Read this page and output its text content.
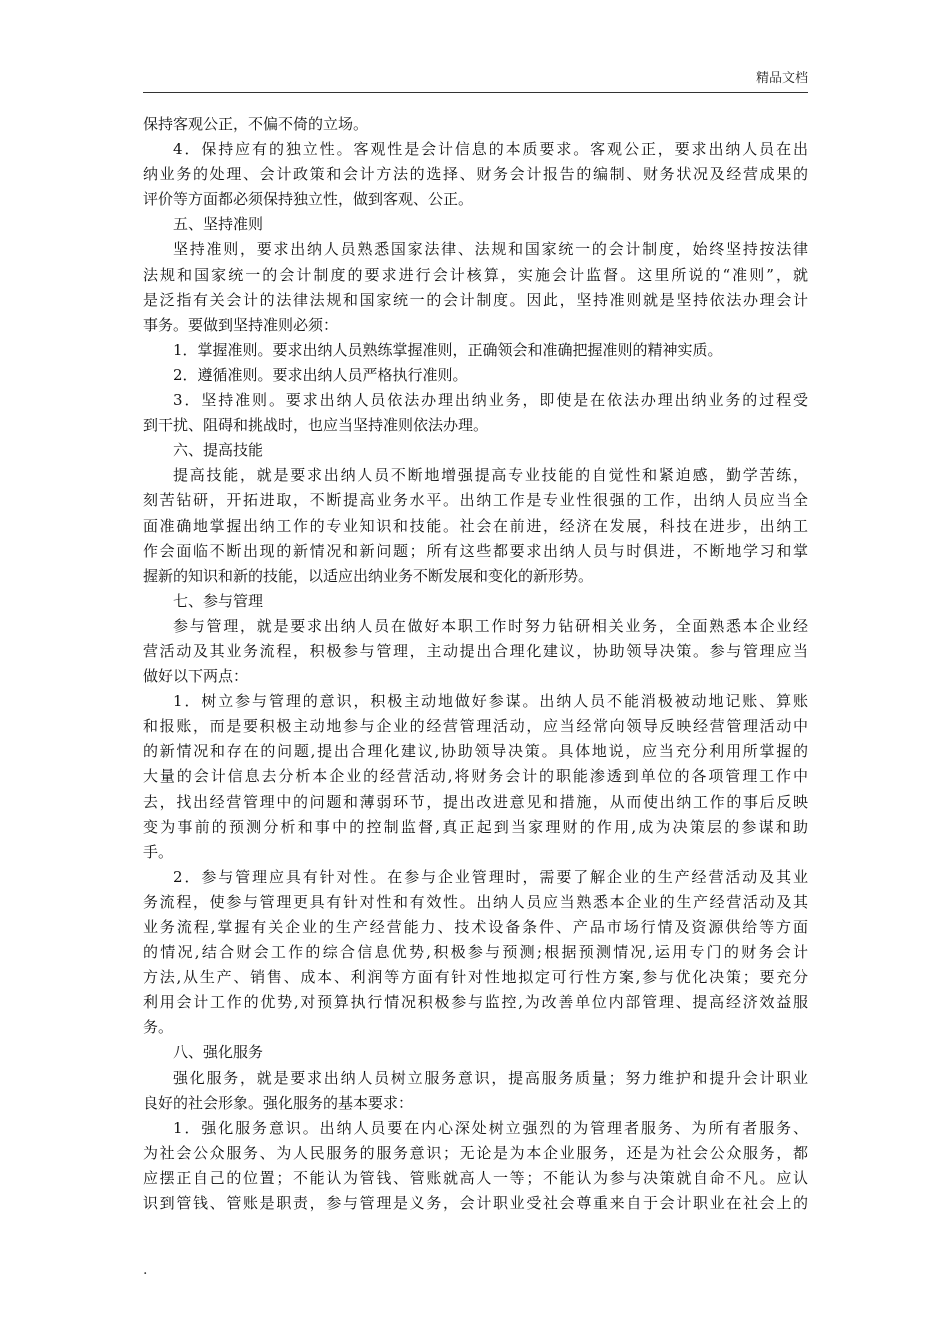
精品文档
保持客观公正，不偏不倚的立场。
4．保持应有的独立性。客观性是会计信息的本质要求。客观公正，要求出纳人员在出
纳业务的处理、会计政策和会计方法的选择、财务会计报告的编制、财务状况及经营成果的
评价等方面都必须保持独立性，做到客观、公正。
五、坚持准则
坚持准则，要求出纳人员熟悉国家法律、法规和国家统一的会计制度，始终坚持按法律
法规和国家统一的会计制度的要求进行会计核算，实施会计监督。这里所说的“准则”，就
是泛指有关会计的法律法规和国家统一的会计制度。因此，坚持准则就是坚持依法办理会计
事务。要做到坚持准则必须：
1．掌握准则。要求出纳人员熟练掌握准则，正确领会和准确把握准则的精神实质。
2．遵循准则。要求出纳人员严格执行准则。
3．坚持准则。要求出纳人员依法办理出纳业务，即使是在依法办理出纳业务的过程受
到干扰、阻碍和挑战时，也应当坚持准则依法办理。
六、提高技能
提高技能，就是要求出纳人员不断地增强提高专业技能的自觉性和紧迫感，勤学苦练，
刻苦钻研，开拓进取，不断提高业务水平。出纳工作是专业性很强的工作，出纳人员应当全
面准确地掌握出纳工作的专业知识和技能。社会在前进，经济在发展，科技在进步，出纳工
作会面临不断出现的新情况和新问题；所有这些都要求出纳人员与时俱进，不断地学习和掌
握新的知识和新的技能，以适应出纳业务不断发展和变化的新形势。
七、参与管理
参与管理，就是要求出纳人员在做好本职工作时努力钻研相关业务，全面熟悉本企业经
营活动及其业务流程，积极参与管理，主动提出合理化建议，协助领导决策。参与管理应当
做好以下两点：
1．树立参与管理的意识，积极主动地做好参谋。出纳人员不能消极被动地记账、算账
和报账，而是要积极主动地参与企业的经营管理活动，应当经常向领导反映经营管理活动中
的新情况和存在的问题,提出合理化建议,协助领导决策。具体地说，应当充分利用所掌握的
大量的会计信息去分析本企业的经营活动,将财务会计的职能渗透到单位的各项管理工作中
去，找出经营管理中的问题和薄弱环节，提出改进意见和措施，从而使出纳工作的事后反映
变为事前的预测分析和事中的控制监督,真正起到当家理财的作用,成为决策层的参谋和助
手。
2．参与管理应具有针对性。在参与企业管理时，需要了解企业的生产经营活动及其业
务流程，使参与管理更具有针对性和有效性。出纳人员应当熟悉本企业的生产经营活动及其
业务流程,掌握有关企业的生产经营能力、技术设备条件、产品市场行情及资源供给等方面
的情况,结合财会工作的综合信息优势,积极参与预测;根据预测情况,运用专门的财务会计
方法,从生产、销售、成本、利润等方面有针对性地拟定可行性方案,参与优化决策；要充分
利用会计工作的优势,对预算执行情况积极参与监控,为改善单位内部管理、提高经济效益服
务。
八、强化服务
强化服务，就是要求出纳人员树立服务意识，提高服务质量；努力维护和提升会计职业
良好的社会形象。强化服务的基本要求：
1．强化服务意识。出纳人员要在内心深处树立强烈的为管理者服务、为所有者服务、
为社会公众服务、为人民服务的服务意识；无论是为本企业服务，还是为社会公众服务，都
应摆正自己的位置；不能认为管钱、管账就高人一等；不能认为参与决策就自命不凡。应认
识到管钱、管账是职责，参与管理是义务，会计职业受社会尊重来自于会计职业在社会上的
.
